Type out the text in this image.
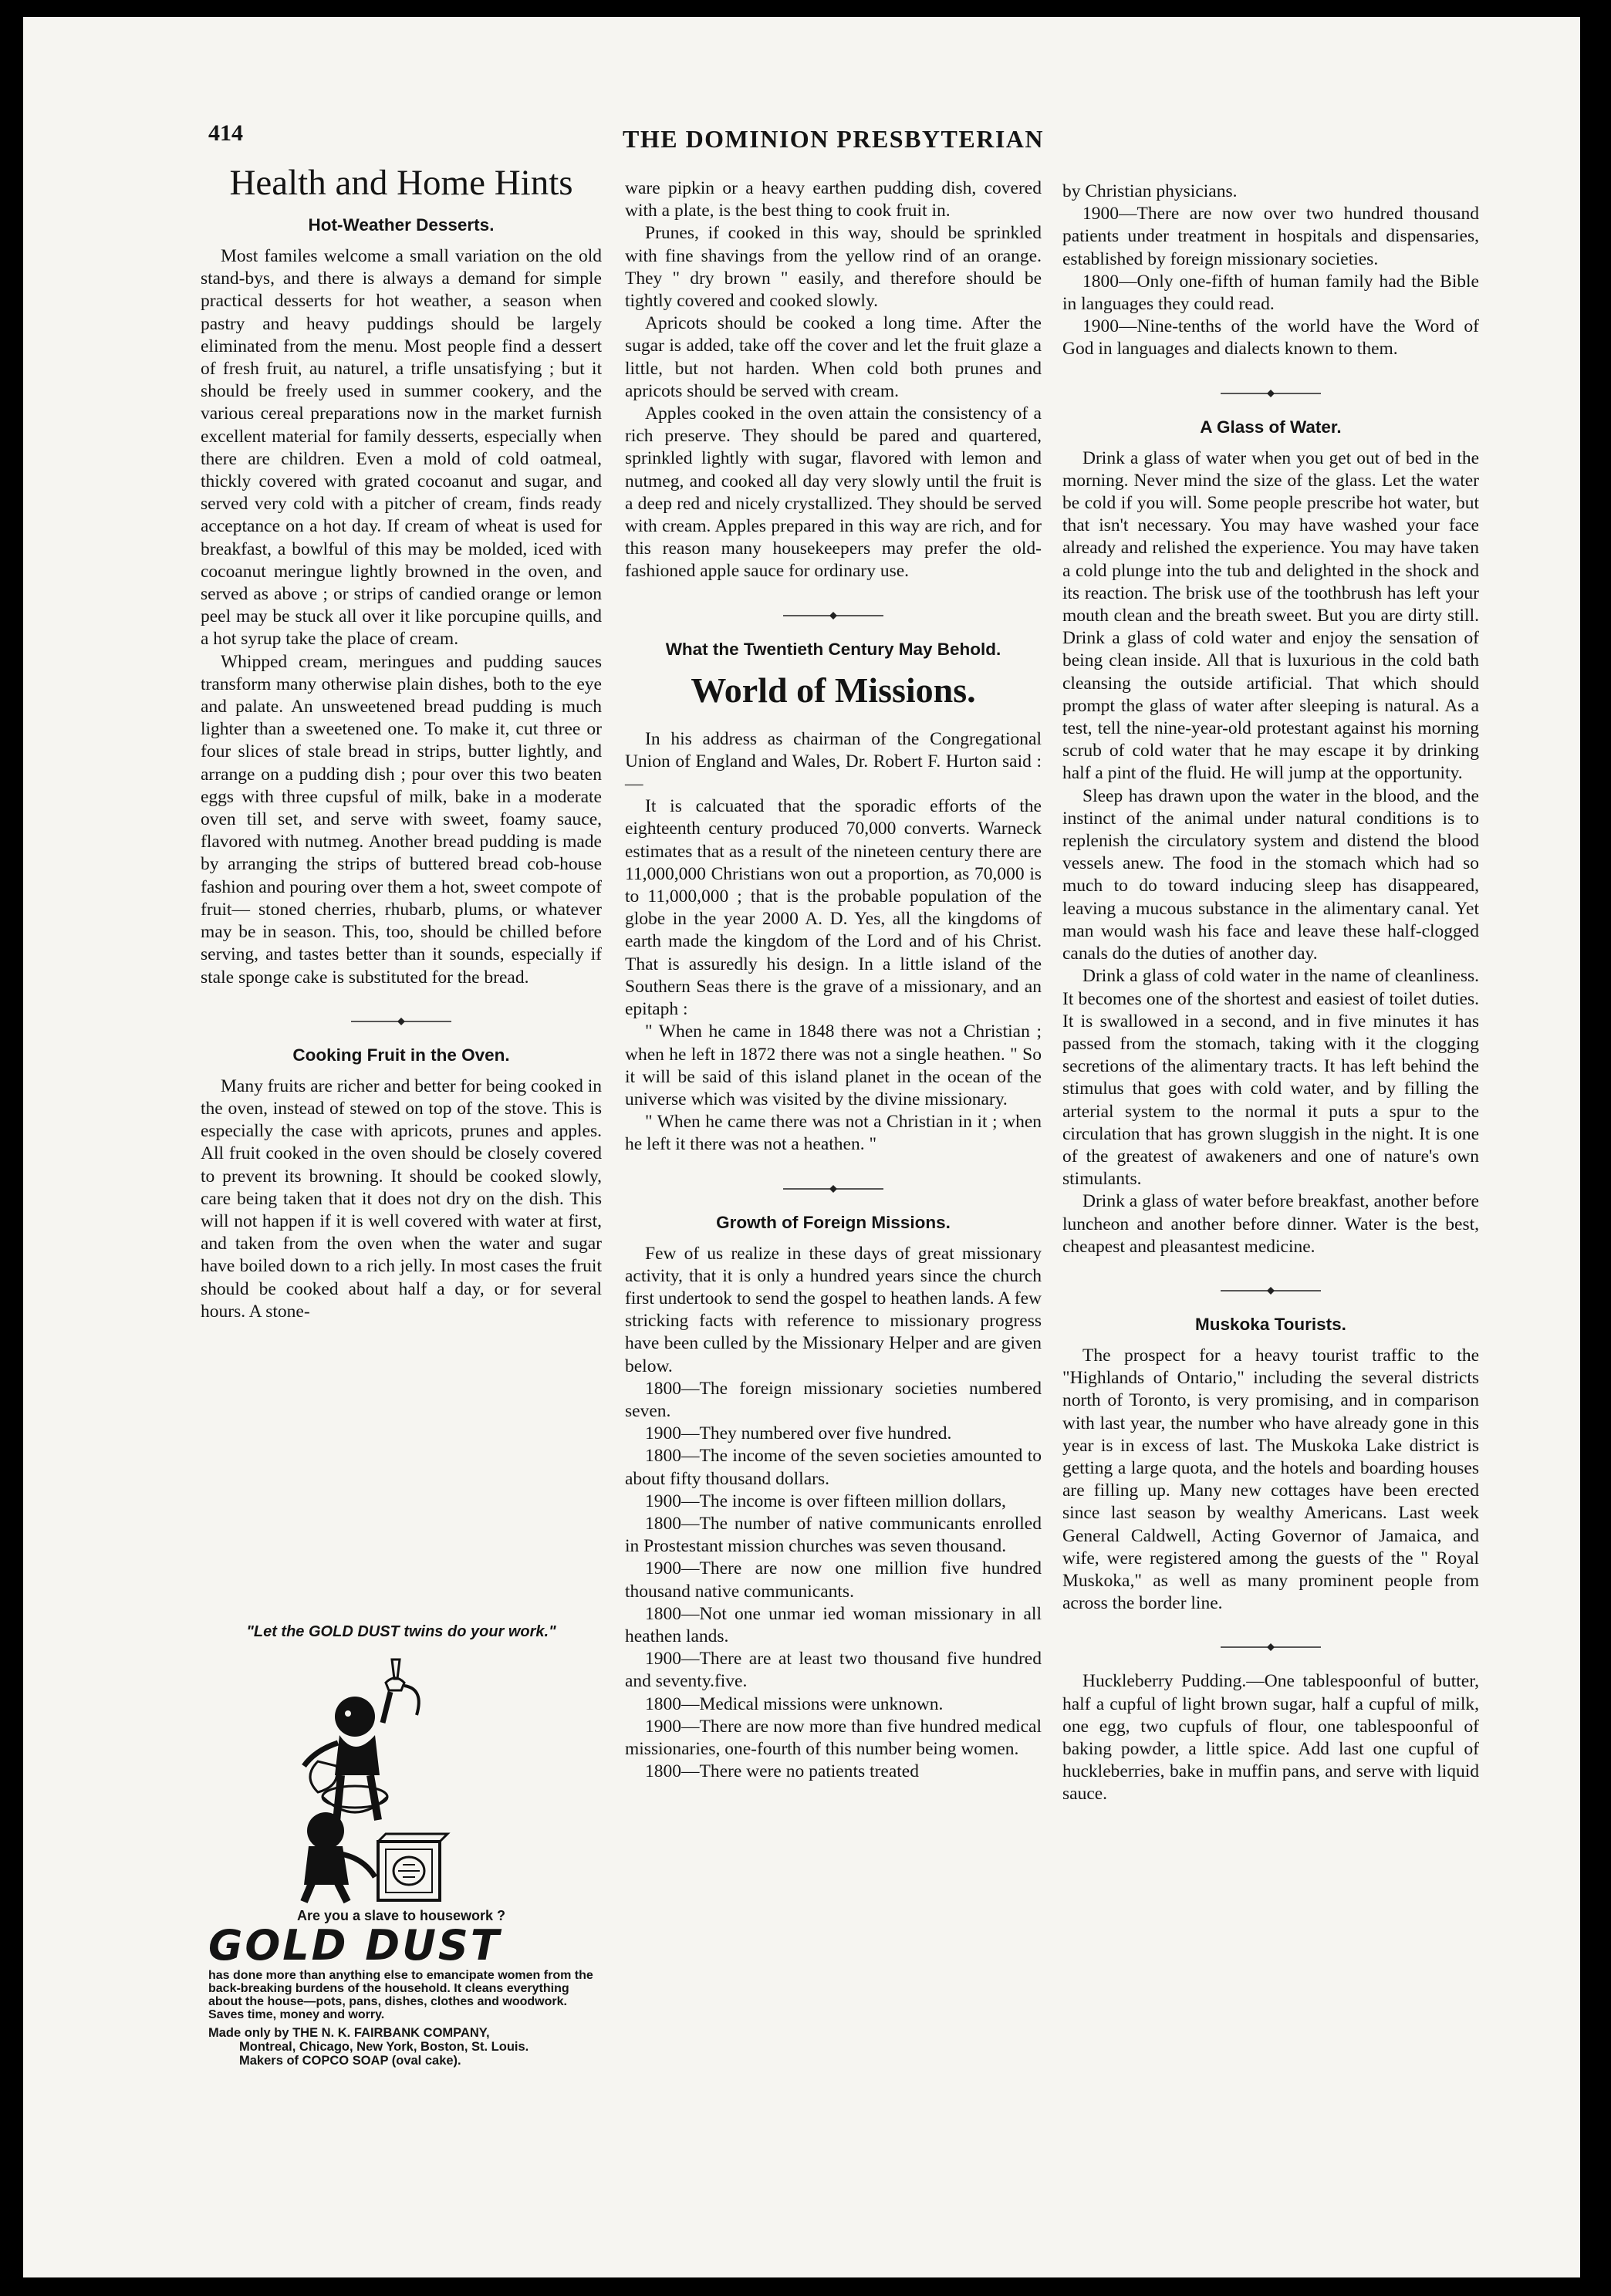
414	THE DOMINION PRESBYTERIAN

Health and Home Hints
Hot-Weather Desserts.

Most familes welcome a small variation on the old stand-bys, and there is always a demand for simple practical desserts for hot weather, a season when pastry and heavy puddings should be largely eliminated from the menu. Most people find a dessert of fresh fruit, au naturel, a trifle unsatisfying ; but it should be freely used in summer cookery, and the various cereal preparations now in the market furnish excellent material for family desserts, especially when there are children. Even a mold of cold oatmeal, thickly covered with grated cocoanut and sugar, and served very cold with a pitcher of cream, finds ready acceptance on a hot day. If cream of wheat is used for breakfast, a bowlful of this may be molded, iced with cocoanut meringue lightly browned in the oven, and served as above ; or strips of candied orange or lemon peel may be stuck all over it like porcupine quills, and a hot syrup take the place of cream.

Whipped cream, meringues and pudding sauces transform many otherwise plain dishes, both to the eye and palate. An unsweetened bread pudding is much lighter than a sweetened one. To make it, cut three or four slices of stale bread in strips, butter lightly, and arrange on a pudding dish ; pour over this two beaten eggs with three cupsful of milk, bake in a moderate oven till set, and serve with sweet, foamy sauce, flavored with nutmeg. Another bread pudding is made by arranging the strips of buttered bread cob-house fashion and pouring over them a hot, sweet compote of fruit— stoned cherries, rhubarb, plums, or whatever may be in season. This, too, should be chilled before serving, and tastes better than it sounds, especially if stale sponge cake is substituted for the bread.

Cooking Fruit in the Oven.

Many fruits are richer and better for being cooked in the oven, instead of stewed on top of the stove. This is especially the case with apricots, prunes and apples. All fruit cooked in the oven should be closely covered to prevent its browning. It should be cooked slowly, care being taken that it does not dry on the dish. This will not happen if it is well covered with water at first, and taken from the oven when the water and sugar have boiled down to a rich jelly. In most cases the fruit should be cooked about half a day, or for several hours. A stone-

"Let the GOLD DUST twins do your work."

Are you a slave to housework ?

GOLD DUST

has done more than anything else to emancipate women from the back-breaking burdens of the household. It cleans everything about the house—pots, pans, dishes, clothes and woodwork. Saves time, money and worry.

Made only by THE N. K. FAIRBANK COMPANY,

Montreal, Chicago, New York, Boston, St. Louis.
Makers of COPCO SOAP (oval cake).

ware pipkin or a heavy earthen pudding dish, covered with a plate, is the best thing to cook fruit in.

Prunes, if cooked in this way, should be sprinkled with fine shavings from the yellow rind of an orange. They " dry brown " easily, and therefore should be tightly covered and cooked slowly.

Apricots should be cooked a long time. After the sugar is added, take off the cover and let the fruit glaze a little, but not harden. When cold both prunes and apricots should be served with cream.

Apples cooked in the oven attain the consistency of a rich preserve. They should be pared and quartered, sprinkled lightly with sugar, flavored with lemon and nutmeg, and cooked all day very slowly until the fruit is a deep red and nicely crystallized. They should be served with cream. Apples prepared in this way are rich, and for this reason many housekeepers may prefer the old-fashioned apple sauce for ordinary use.

What the Twentieth Century May Behold.
World of Missions.

In his address as chairman of the Congregational Union of England and Wales, Dr. Robert F. Hurton said :—

It is calcuated that the sporadic efforts of the eighteenth century produced 70,000 converts. Warneck estimates that as a result of the nineteen century there are 11,000,000 Christians won out a proportion, as 70,000 is to 11,000,000 ; that is the probable population of the globe in the year 2000 A. D. Yes, all the kingdoms of earth made the kingdom of the Lord and of his Christ. That is assuredly his design. In a little island of the Southern Seas there is the grave of a missionary, and an epitaph :

" When he came in 1848 there was not a Christian ; when he left in 1872 there was not a single heathen. " So it will be said of this island planet in the ocean of the universe which was visited by the divine missionary.

" When he came there was not a Christian in it ; when he left it there was not a heathen. "

Growth of Foreign Missions.

Few of us realize in these days of great missionary activity, that it is only a hundred years since the church first undertook to send the gospel to heathen lands. A few stricking facts with reference to missionary progress have been culled by the Missionary Helper and are given below.

1800—The foreign missionary societies numbered seven.

1900—They numbered over five hundred.

1800—The income of the seven societies amounted to about fifty thousand dollars.

1900—The income is over fifteen million dollars,

1800—The number of native communicants enrolled in Prostestant mission churches was seven thousand.

1900—There are now one million five hundred thousand native communicants.

1800—Not one unmar ied woman missionary in all heathen lands.

1900—There are at least two thousand five hundred and seventy.five.

1800—Medical missions were unknown.

1900—There are now more than five hundred medical missionaries, one-fourth of this number being women.

1800—There were no patients treated

by Christian physicians.

1900—There are now over two hundred thousand patients under treatment in hospitals and dispensaries, established by foreign missionary societies.

1800—Only one-fifth of human family had the Bible in languages they could read.

1900—Nine-tenths of the world have the Word of God in languages and dialects known to them.

A Glass of Water.

Drink a glass of water when you get out of bed in the morning. Never mind the size of the glass. Let the water be cold if you will. Some people prescribe hot water, but that isn't necessary. You may have washed your face already and relished the experience. You may have taken a cold plunge into the tub and delighted in the shock and its reaction. The brisk use of the toothbrush has left your mouth clean and the breath sweet. But you are dirty still. Drink a glass of cold water and enjoy the sensation of being clean inside. All that is luxurious in the cold bath cleansing the outside artificial. That which should prompt the glass of water after sleeping is natural. As a test, tell the nine-year-old protestant against his morning scrub of cold water that he may escape it by drinking half a pint of the fluid. He will jump at the opportunity.

Sleep has drawn upon the water in the blood, and the instinct of the animal under natural conditions is to replenish the circulatory system and distend the blood vessels anew. The food in the stomach which had so much to do toward inducing sleep has disappeared, leaving a mucous substance in the alimentary canal. Yet man would wash his face and leave these half-clogged canals do the duties of another day.

Drink a glass of cold water in the name of cleanliness. It becomes one of the shortest and easiest of toilet duties. It is swallowed in a second, and in five minutes it has passed from the stomach, taking with it the clogging secretions of the alimentary tracts. It has left behind the stimulus that goes with cold water, and by filling the arterial system to the normal it puts a spur to the circulation that has grown sluggish in the night. It is one of the greatest of awakeners and one of nature's own stimulants.

Drink a glass of water before breakfast, another before luncheon and another before dinner. Water is the best, cheapest and pleasantest medicine.

Muskoka Tourists.

The prospect for a heavy tourist traffic to the "Highlands of Ontario," including the several districts north of Toronto, is very promising, and in comparison with last year, the number who have already gone in this year is in excess of last. The Muskoka Lake district is getting a large quota, and the hotels and boarding houses are filling up. Many new cottages have been erected since last season by wealthy Americans. Last week General Caldwell, Acting Governor of Jamaica, and wife, were registered among the guests of the " Royal Muskoka," as well as many prominent people from across the border line.

Huckleberry Pudding.—One tablespoonful of butter, half a cupful of light brown sugar, half a cupful of milk, one egg, two cupfuls of flour, one tablespoonful of baking powder, a little spice. Add last one cupful of huckleberries, bake in muffin pans, and serve with liquid sauce.
